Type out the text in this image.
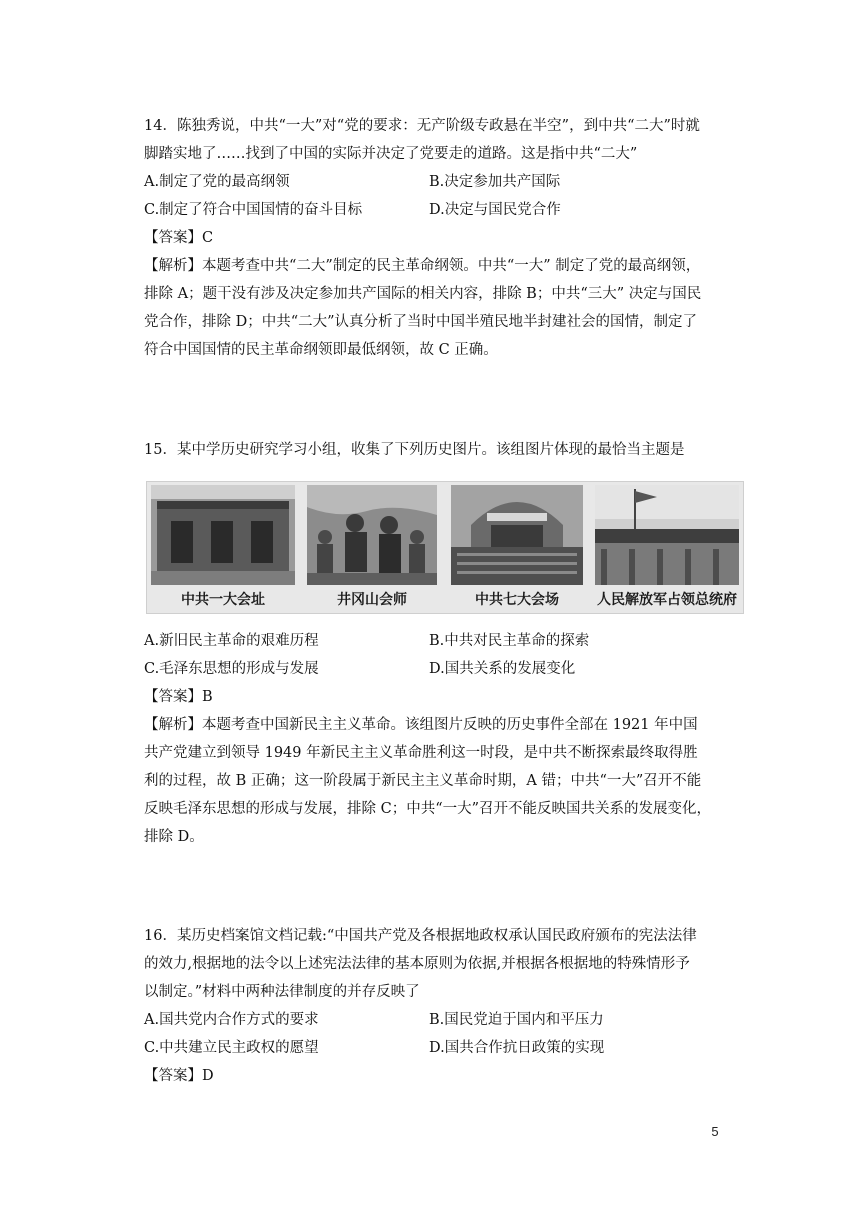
14．陈独秀说，中共“一大”对“党的要求：无产阶级专政悬在半空”，到中共“二大”时就
脚踏实地了……找到了中国的实际并决定了党要走的道路。这是指中共“二大”
A.制定了党的最高纲领	B.决定参加共产国际
C.制定了符合中国国情的奋斗目标	D.决定与国民党合作
【答案】C
【解析】本题考查中共“二大”制定的民主革命纲领。中共“一大” 制定了党的最高纲领，
排除 A；题干没有涉及决定参加共产国际的相关内容，排除 B；中共“三大” 决定与国民
党合作，排除 D；中共“二大”认真分析了当时中国半殖民地半封建社会的国情，制定了
符合中国国情的民主革命纲领即最低纲领，故 C 正确。
15．某中学历史研究学习小组，收集了下列历史图片。该组图片体现的最恰当主题是
中共一大会址	井冈山会师	中共七大会场	人民解放军占领总统府
A.新旧民主革命的艰难历程	B.中共对民主革命的探索
C.毛泽东思想的形成与发展	D.国共关系的发展变化
【答案】B
【解析】本题考查中国新民主主义革命。该组图片反映的历史事件全部在 1921 年中国
共产党建立到领导 1949 年新民主主义革命胜利这一时段，是中共不断探索最终取得胜
利的过程，故 B 正确；这一阶段属于新民主主义革命时期，A 错；中共“一大”召开不能
反映毛泽东思想的形成与发展，排除 C；中共“一大”召开不能反映国共关系的发展变化，
排除 D。
16．某历史档案馆文档记载:“中国共产党及各根据地政权承认国民政府颁布的宪法法律
的效力,根据地的法令以上述宪法法律的基本原则为依据,并根据各根据地的特殊情形予
以制定。”材料中两种法律制度的并存反映了
A.国共党内合作方式的要求	B.国民党迫于国内和平压力
C.中共建立民主政权的愿望	D.国共合作抗日政策的实现
【答案】D
5
